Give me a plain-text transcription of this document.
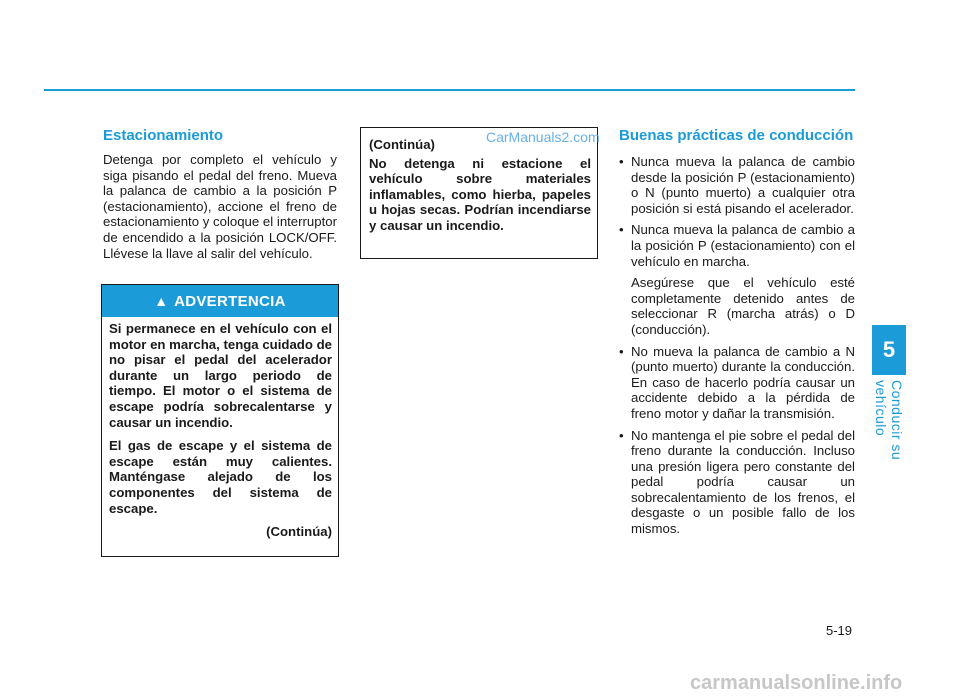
Estacionamiento

Detenga por completo el vehículo y siga pisando el pedal del freno. Mueva la palanca de cambio a la posición P (estacionamiento), accione el freno de estacionamiento y coloque el interruptor de encendido a la posición LOCK/OFF. Llévese la llave al salir del vehículo.

▲ ADVERTENCIA

Si permanece en el vehículo con el motor en marcha, tenga cuidado de no pisar el pedal del acelerador durante un largo periodo de tiempo. El motor o el sistema de escape podría sobrecalentarse y causar un incendio.

El gas de escape y el sistema de escape están muy calientes. Manténgase alejado de los componentes del sistema de escape.

(Continúa)

(Continúa)

No detenga ni estacione el vehículo sobre materiales inflamables, como hierba, papeles u hojas secas. Podrían incendiarse y causar un incendio.

CarManuals2.com Buenas prácticas de conducción
• Nunca mueva la palanca de cambio desde la posición P (estacionamiento) o N (punto muerto) a cualquier otra posición si está pisando el acelerador.
• Nunca mueva la palanca de cambio a la posición P (estacionamiento) con el vehículo en marcha.
Asegúrese que el vehículo esté completamente detenido antes de seleccionar R (marcha atrás) o D (conducción).
• No mueva la palanca de cambio a N (punto muerto) durante la conducción. En caso de hacerlo podría causar un accidente debido a la pérdida de freno motor y dañar la transmisión.
• No mantenga el pie sobre el pedal del freno durante la conducción. Incluso una presión ligera pero constante del pedal podría causar un sobrecalentamiento de los frenos, el desgaste o un posible fallo de los mismos.
5
Conducir su vehículo
5-19
carmanualsonline.info
